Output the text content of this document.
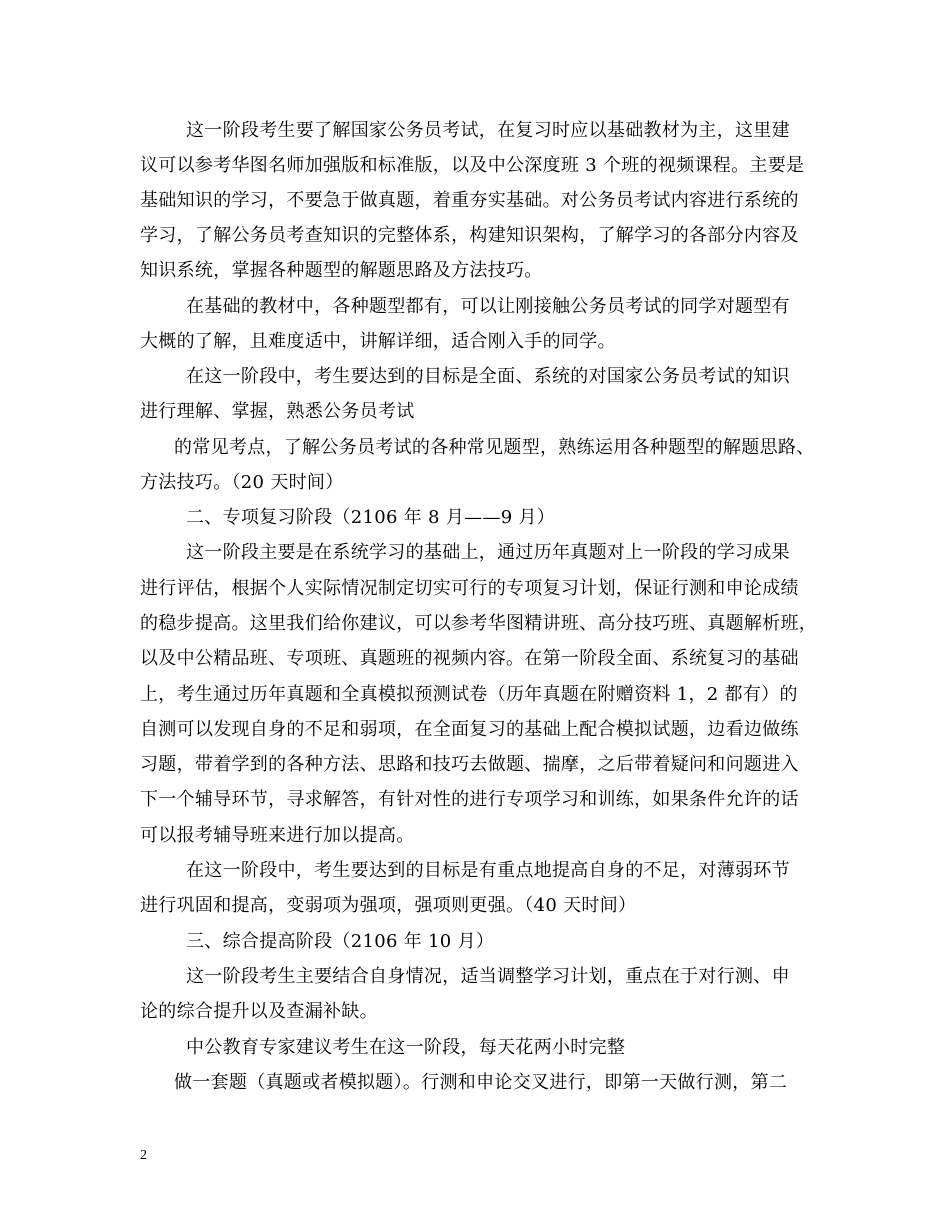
这一阶段考生要了解国家公务员考试，在复习时应以基础教材为主，这里建
议可以参考华图名师加强版和标准版，以及中公深度班 3 个班的视频课程。主要是
基础知识的学习，不要急于做真题，着重夯实基础。对公务员考试内容进行系统的
学习，了解公务员考查知识的完整体系，构建知识架构，了解学习的各部分内容及
知识系统，掌握各种题型的解题思路及方法技巧。
在基础的教材中，各种题型都有，可以让刚接触公务员考试的同学对题型有
大概的了解，且难度适中，讲解详细，适合刚入手的同学。
在这一阶段中，考生要达到的目标是全面、系统的对国家公务员考试的知识
进行理解、掌握，熟悉公务员考试
的常见考点，了解公务员考试的各种常见题型，熟练运用各种题型的解题思路、
方法技巧。（20 天时间）
二、专项复习阶段（2106 年 8 月——9 月）
这一阶段主要是在系统学习的基础上，通过历年真题对上一阶段的学习成果
进行评估，根据个人实际情况制定切实可行的专项复习计划，保证行测和申论成绩
的稳步提高。这里我们给你建议，可以参考华图精讲班、高分技巧班、真题解析班，
以及中公精品班、专项班、真题班的视频内容。在第一阶段全面、系统复习的基础
上，考生通过历年真题和全真模拟预测试卷（历年真题在附赠资料 1，2 都有）的
自测可以发现自身的不足和弱项，在全面复习的基础上配合模拟试题，边看边做练
习题，带着学到的各种方法、思路和技巧去做题、揣摩，之后带着疑问和问题进入
下一个辅导环节，寻求解答，有针对性的进行专项学习和训练，如果条件允许的话
可以报考辅导班来进行加以提高。
在这一阶段中，考生要达到的目标是有重点地提高自身的不足，对薄弱环节
进行巩固和提高，变弱项为强项，强项则更强。（40 天时间）
三、综合提高阶段（2106 年 10 月）
这一阶段考生主要结合自身情况，适当调整学习计划，重点在于对行测、申
论的综合提升以及查漏补缺。
中公教育专家建议考生在这一阶段，每天花两小时完整
做一套题（真题或者模拟题）。行测和申论交叉进行，即第一天做行测，第二
2
